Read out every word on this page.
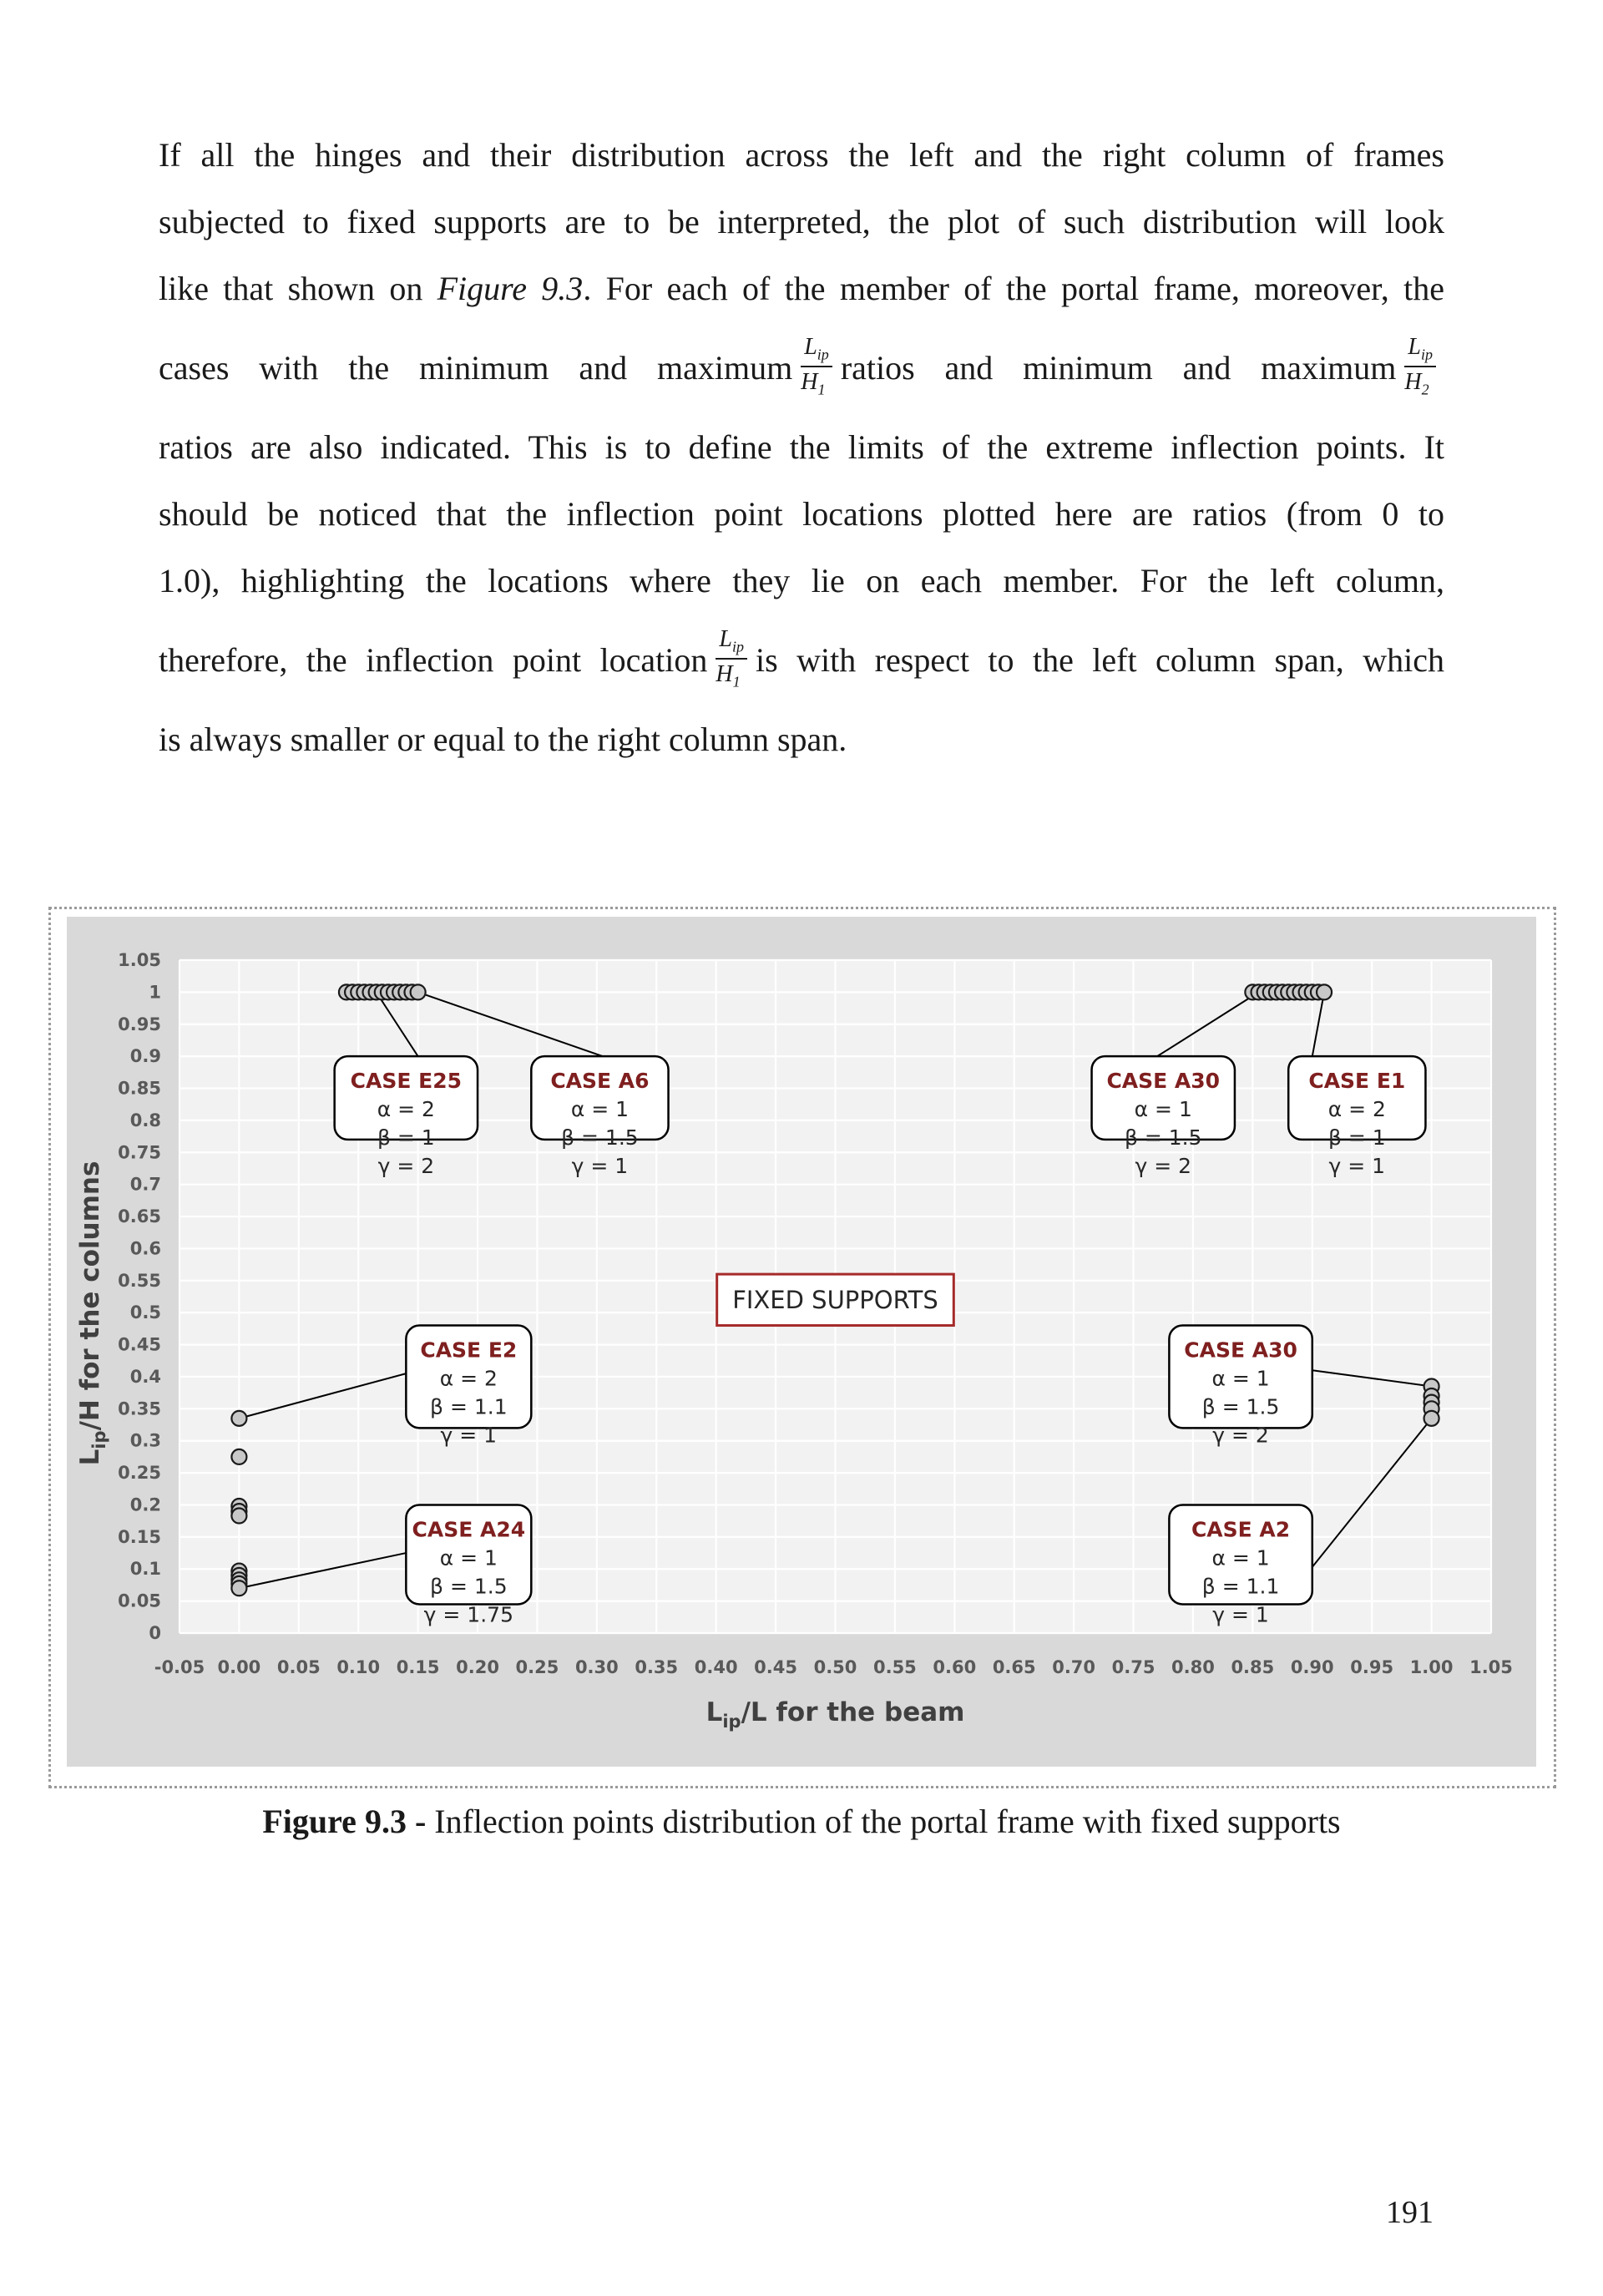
If all the hinges and their distribution across the left and the right column of frames

subjected to fixed supports are to be interpreted, the plot of such distribution will look

like that shown on Figure 9.3. For each of the member of the portal frame, moreover, the

cases with the minimum and maximum $\frac{L_{ip}}{H_1}$ ratios and minimum and maximum $\frac{L_{ip}}{H_2}$

ratios are also indicated. This is to define the limits of the extreme inflection points. It

should be noticed that the inflection point locations plotted here are ratios (from 0 to

1.0), highlighting the locations where they lie on each member. For the left column,

therefore, the inflection point location $\frac{L_{ip}}{H_1}$ is with respect to the left column span, which

is always smaller or equal to the right column span.

CASE E25
α = 2
β = 1
γ = 2
CASE A6
α = 1
β = 1.5
γ = 1
CASE A30
α = 1
β = 1.5
γ = 2
CASE E1
α = 2
β = 1
γ = 1
CASE E2
α = 2
β = 1.1
γ = 1
CASE A24
α = 1
β = 1.5
γ = 1.75
CASE A30
α = 1
β = 1.5
γ = 2
CASE A2
α = 1
β = 1.1
γ = 1
FIXED SUPPORTS
-0.05 0.00 0.05 0.10 0.15 0.20 0.25 0.30 0.35 0.40 0.45 0.50 0.55 0.60 0.65 0.70 0.75 0.80 0.85 0.90 0.95 1.00 1.05
0
0.05
0.1
0.15
0.2
0.25
0.3
0.35
0.4
0.45
0.5
0.55
0.6
0.65
0.7
0.75
0.8
0.85
0.9
0.95
1
1.05
$L_{ip}/L$ for the beam
$L_{ip}/H$ for the columns
Figure 9.3 - Inflection points distribution of the portal frame with fixed supports
191
